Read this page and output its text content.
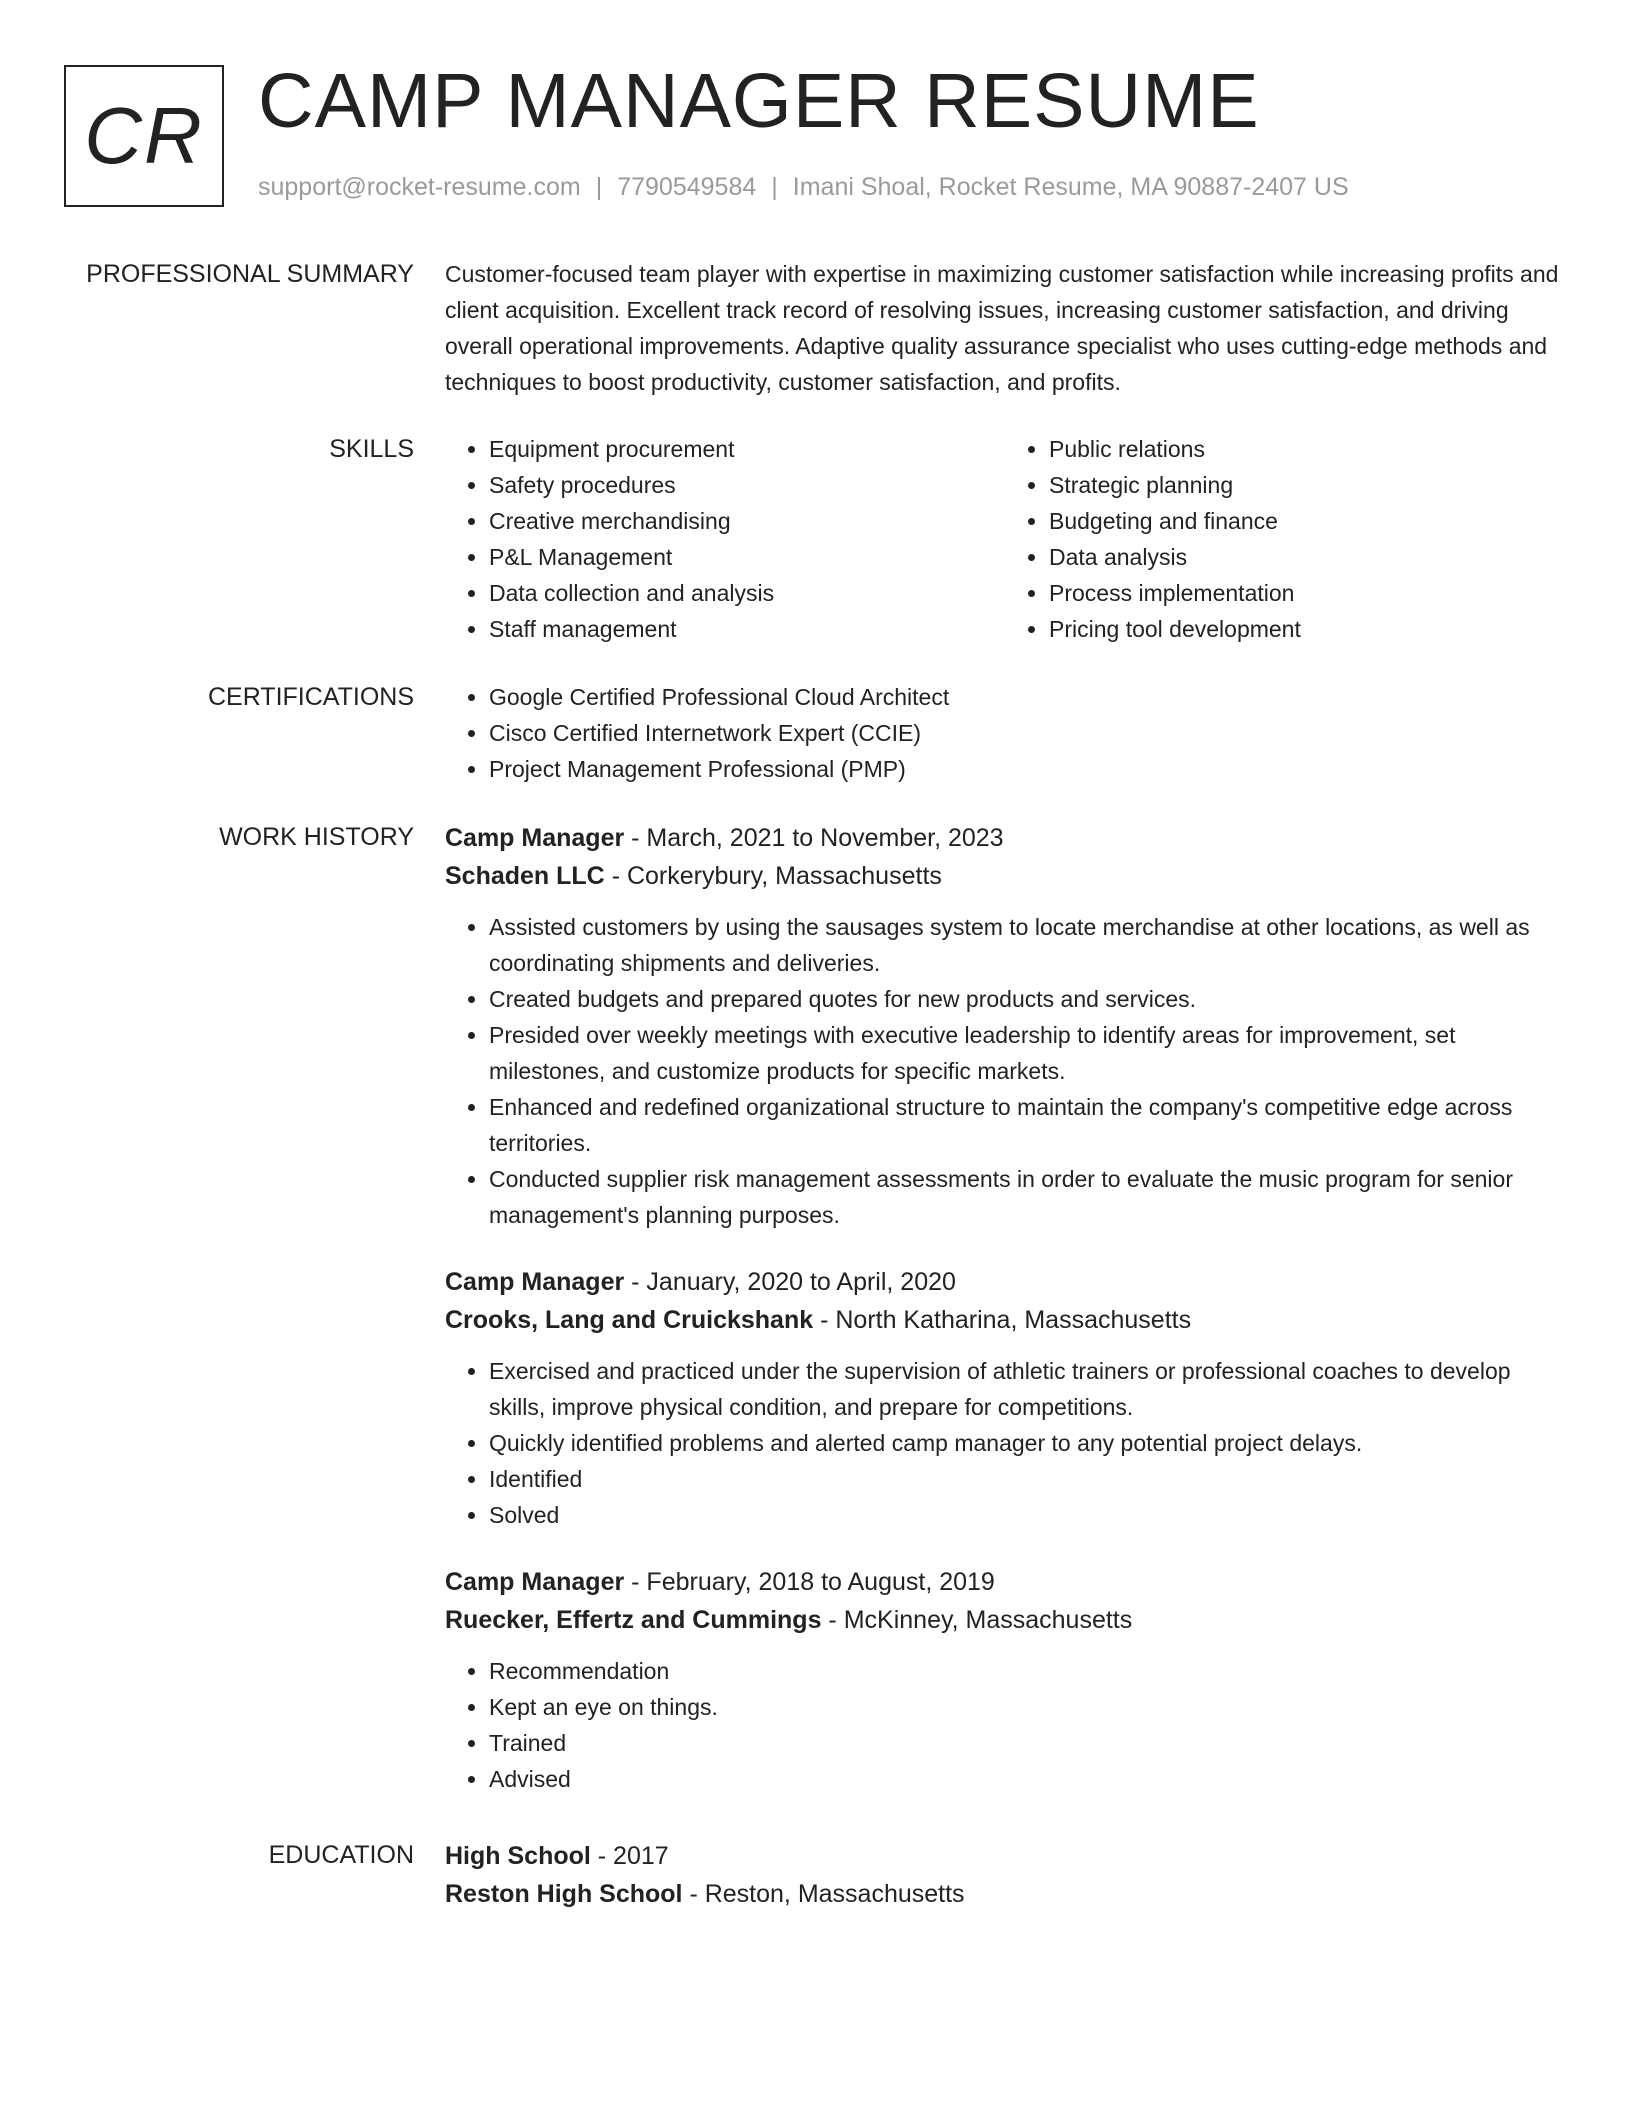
CR CAMP MANAGER RESUME
support@rocket-resume.com | 7790549584 | Imani Shoal, Rocket Resume, MA 90887-2407 US
PROFESSIONAL SUMMARY Customer-focused team player with expertise in maximizing customer satisfaction while increasing profits and client acquisition. Excellent track record of resolving issues, increasing customer satisfaction, and driving overall operational improvements. Adaptive quality assurance specialist who uses cutting-edge methods and techniques to boost productivity, customer satisfaction, and profits.

SKILLS	• Equipment procurement
• Safety procedures
• Creative merchandising
• P&L Management
• Data collection and analysis
• Staff management
• Public relations
• Strategic planning
• Budgeting and finance
• Data analysis
• Process implementation
• Pricing tool development
CERTIFICATIONS	• Google Certified Professional Cloud Architect
• Cisco Certified Internetwork Expert (CCIE)
• Project Management Professional (PMP)
WORK HISTORY Camp Manager - March, 2021 to November, 2023
Schaden LLC - Corkerybury, Massachusetts
• Assisted customers by using the sausages system to locate merchandise at other locations, as well as coordinating shipments and deliveries.
• Created budgets and prepared quotes for new products and services.
• Presided over weekly meetings with executive leadership to identify areas for improvement, set milestones, and customize products for specific markets.
• Enhanced and redefined organizational structure to maintain the company's competitive edge across territories.
• Conducted supplier risk management assessments in order to evaluate the music program for senior management's planning purposes.
Camp Manager - January, 2020 to April, 2020
Crooks, Lang and Cruickshank - North Katharina, Massachusetts
• Exercised and practiced under the supervision of athletic trainers or professional coaches to develop skills, improve physical condition, and prepare for competitions.
• Quickly identified problems and alerted camp manager to any potential project delays.
• Identified
• Solved
Camp Manager - February, 2018 to August, 2019
Ruecker, Effertz and Cummings - McKinney, Massachusetts
• Recommendation
• Kept an eye on things.
• Trained
• Advised
EDUCATION High School - 2017
Reston High School - Reston, Massachusetts
